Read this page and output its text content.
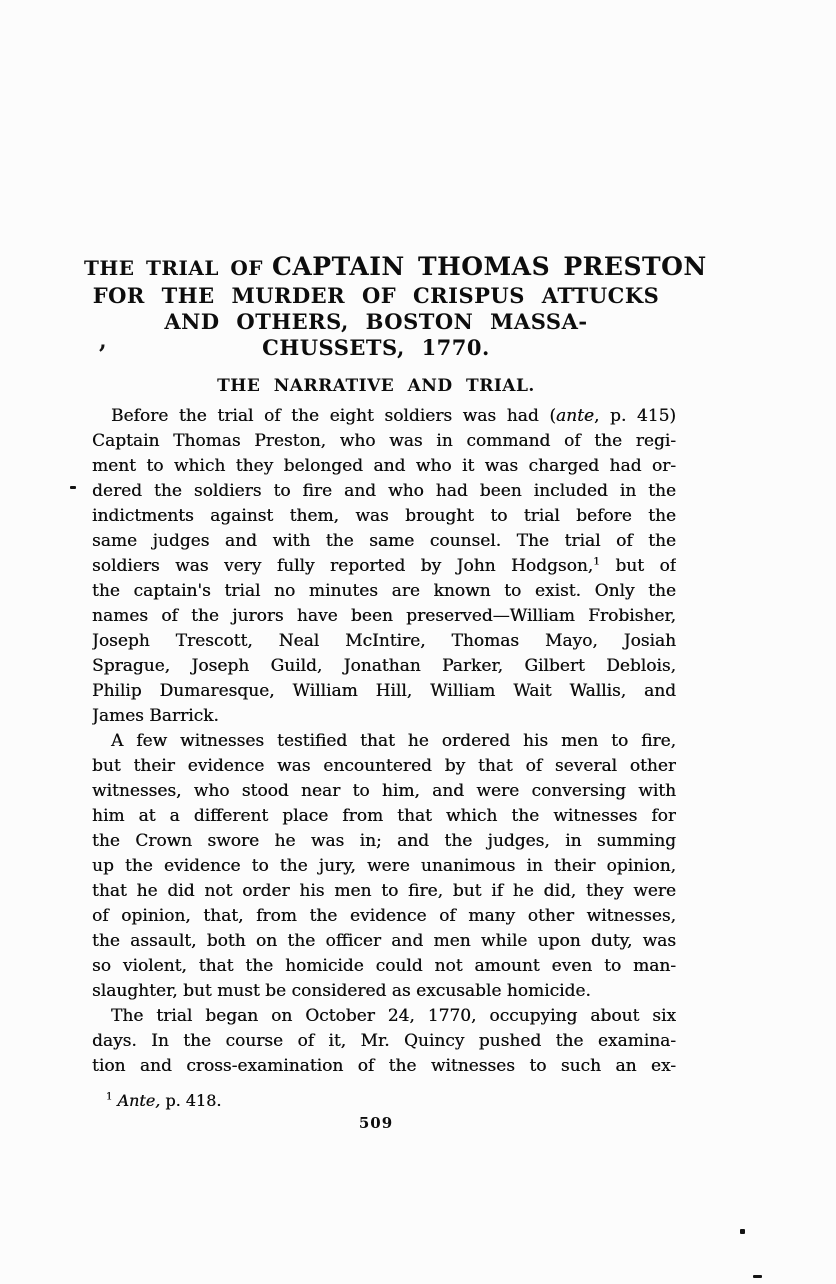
THE TRIAL OF CAPTAIN THOMAS PRESTON
FOR THE MURDER OF CRISPUS ATTUCKS
AND OTHERS, BOSTON MASSA-
CHUSSETS, 1770.
THE NARRATIVE AND TRIAL.
Before the trial of the eight soldiers was had (ante, p. 415)
Captain Thomas Preston, who was in command of the regi-
ment to which they belonged and who it was charged had or-
dered the soldiers to fire and who had been included in the
indictments against them, was brought to trial before the
same judges and with the same counsel. The trial of the
soldiers was very fully reported by John Hodgson,$^1$ but of
the captain's trial no minutes are known to exist. Only the
names of the jurors have been preserved—William Frobisher,
Joseph Trescott, Neal McIntire, Thomas Mayo, Josiah
Sprague, Joseph Guild, Jonathan Parker, Gilbert Deblois,
Philip Dumaresque, William Hill, William Wait Wallis, and
James Barrick.
A few witnesses testified that he ordered his men to fire,
but their evidence was encountered by that of several other
witnesses, who stood near to him, and were conversing with
him at a different place from that which the witnesses for
the Crown swore he was in; and the judges, in summing
up the evidence to the jury, were unanimous in their opinion,
that he did not order his men to fire, but if he did, they were
of opinion, that, from the evidence of many other witnesses,
the assault, both on the officer and men while upon duty, was
so violent, that the homicide could not amount even to man-
slaughter, but must be considered as excusable homicide.
The trial began on October 24, 1770, occupying about six
days. In the course of it, Mr. Quincy pushed the examina-
tion and cross-examination of the witnesses to such an ex-
$^1$ Ante, p. 418.
509
,
